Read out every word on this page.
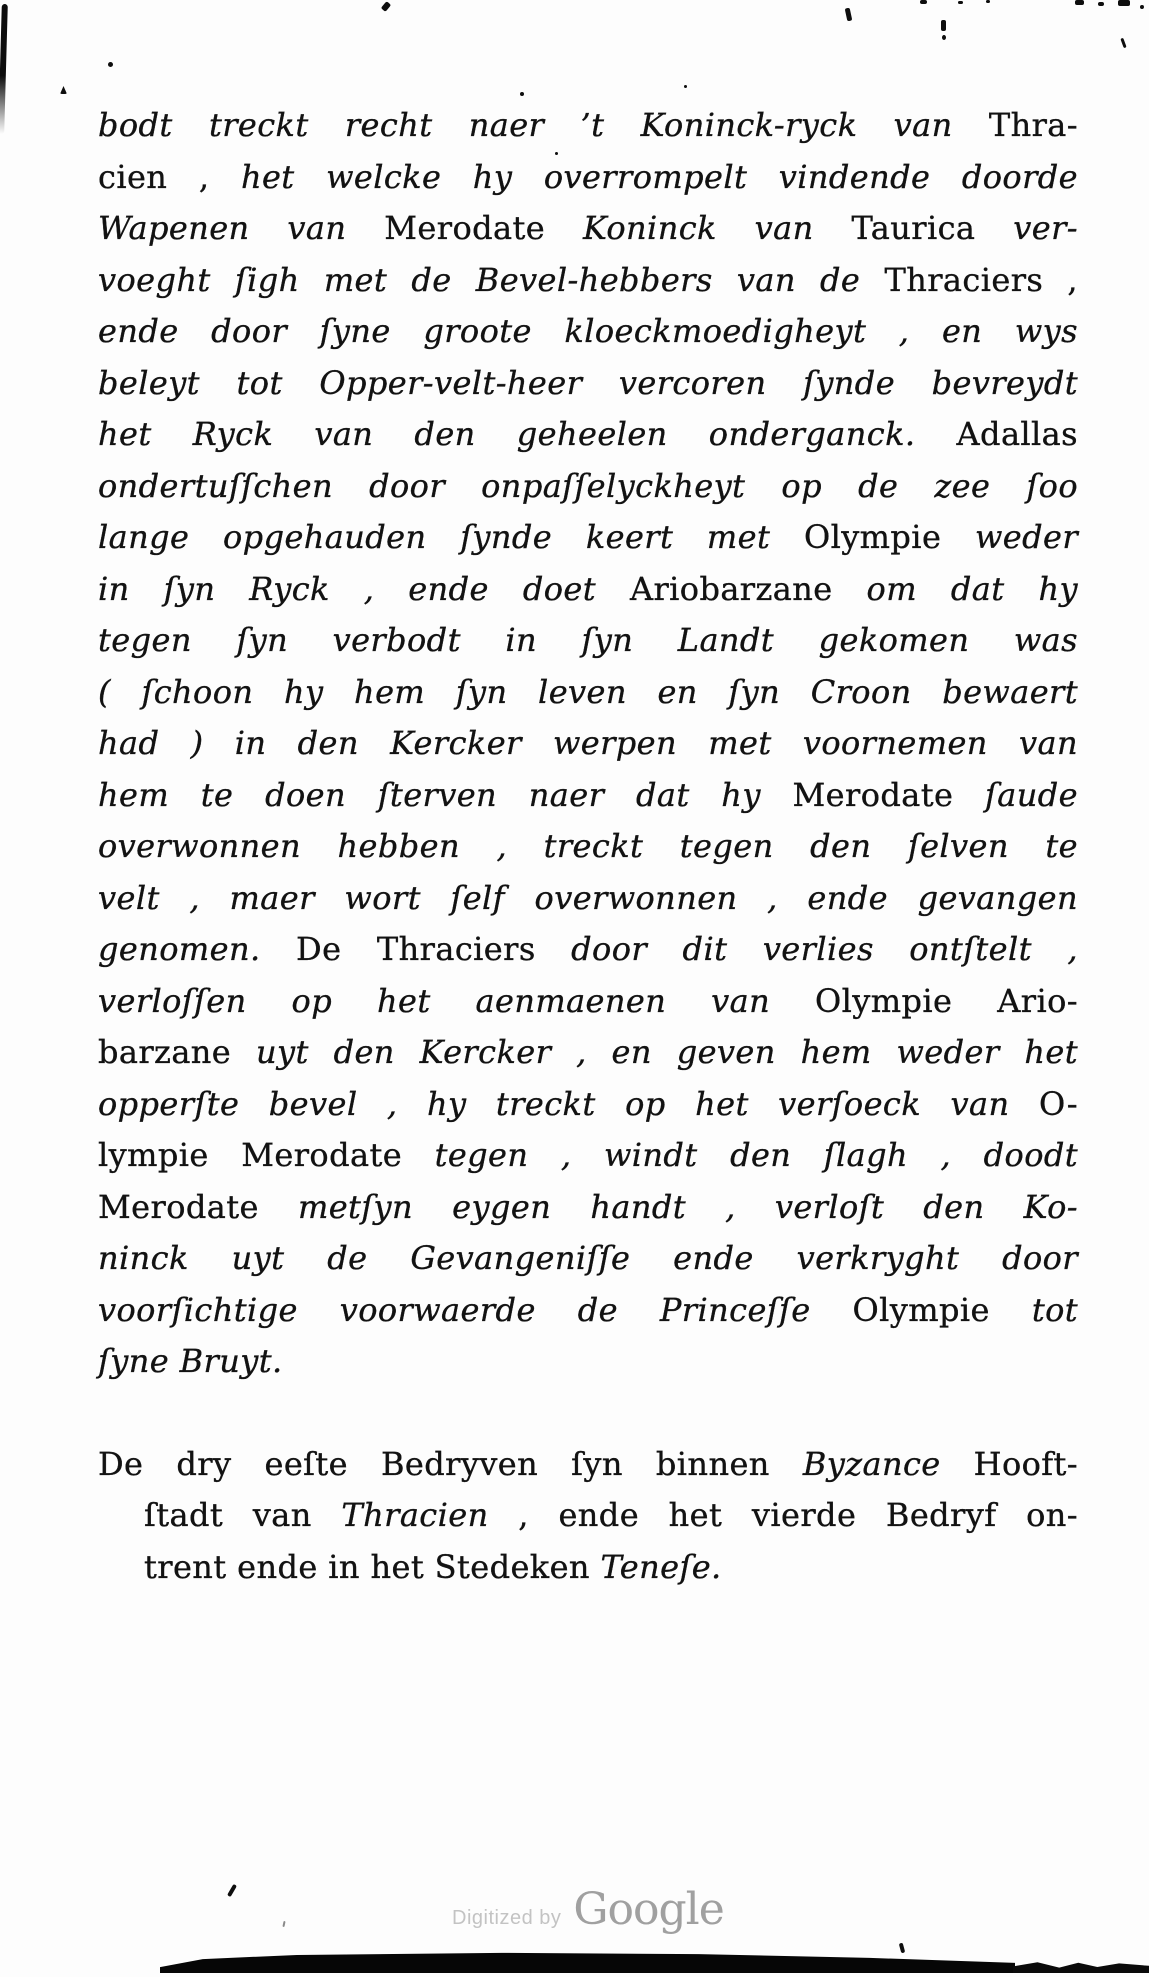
bodt treckt recht naer ’t Koninck-ryck van Thra-
cien , het welcke hy overrompelt vindende doorde
Wapenen van Merodate Koninck van Taurica ver-
voeght ſigh met de Bevel-hebbers van de Thraciers ,
ende door ſyne groote kloeckmoedigheyt , en wys
beleyt tot Opper-velt-heer vercoren ſynde bevreydt
het Ryck van den geheelen onderganck. Adallas
ondertuſſchen door onpaſſelyckheyt op de zee ſoo
lange opgehauden ſynde keert met Olympie weder
in ſyn Ryck , ende doet Ariobarzane om dat hy
tegen ſyn verbodt in ſyn Landt gekomen was
( ſchoon hy hem ſyn leven en ſyn Croon bewaert
had ) in den Kercker werpen met voornemen van
hem te doen ſterven naer dat hy Merodate ſaude
overwonnen hebben , treckt tegen den ſelven te
velt , maer wort ſelf overwonnen , ende gevangen
genomen. De Thraciers door dit verlies ontſtelt ,
verloſſen op het aenmaenen van Olympie Ario-
barzane uyt den Kercker , en geven hem weder het
opperſte bevel , hy treckt op het verſoeck van O-
lympie Merodate tegen , windt den ſlagh , doodt
Merodate metſyn eygen handt , verloſt den Ko-
ninck uyt de Gevangeniſſe ende verkryght door
voorſichtige voorwaerde de Princeſſe Olympie tot
ſyne Bruyt.
De dry eeſte Bedryven ſyn binnen Byzance Hooft-
ſtadt van Thracien , ende het vierde Bedryf on-
trent ende in het Stedeken Teneſe.
Digitized by Google
